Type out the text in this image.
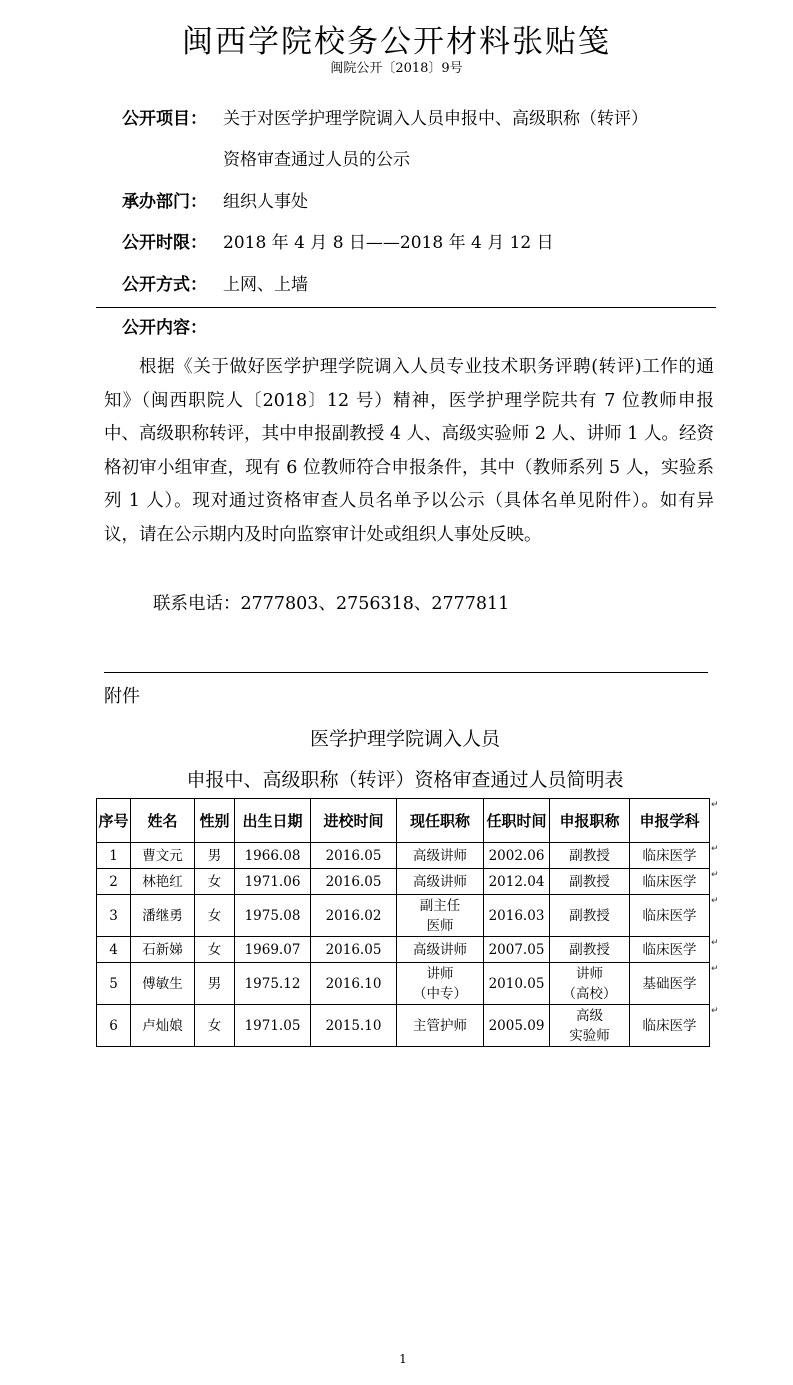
闽西学院校务公开材料张贴笺
闽院公开〔2018〕9号
公开项目： 关于对医学护理学院调入人员申报中、高级职称（转评）
资格审查通过人员的公示
承办部门： 组织人事处
公开时限： 2018 年 4 月 8 日——2018 年 4 月 12 日
公开方式： 上网、上墙
公开内容：
根据《关于做好医学护理学院调入人员专业技术职务评聘(转评)工作的通知》（闽西职院人〔2018〕12 号）精神，医学护理学院共有 7 位教师申报中、高级职称转评，其中申报副教授 4 人、高级实验师 2 人、讲师 1 人。经资格初审小组审查，现有 6 位教师符合申报条件，其中（教师系列 5 人，实验系列 1 人）。现对通过资格审查人员名单予以公示（具体名单见附件）。如有异议，请在公示期内及时向监察审计处或组织人事处反映。
联系电话：2777803、2756318、2777811
附件
医学护理学院调入人员
申报中、高级职称（转评）资格审查通过人员简明表
序号	姓名	性别	出生日期	进校时间	现任职称	任职时间	申报职称	申报学科

1	曹文元	男	1966.08	2016.05	高级讲师	2002.06	副教授	临床医学

2	林艳红	女	1971.06	2016.05	高级讲师	2012.04	副教授	临床医学

3	潘继勇	女	1975.08	2016.02	副主任
医师	2016.03	副教授	临床医学

4	石新娣	女	1969.07	2016.05	高级讲师	2007.05	副教授	临床医学

5	傅敏生	男	1975.12	2016.10	讲师
（中专）	2010.05	讲师
（高校）	基础医学

6	卢灿娘	女	1971.05	2015.10	主管护师	2005.09	高级
实验师	临床医学
1
↵
↵
↵
↵
↵
↵
↵
